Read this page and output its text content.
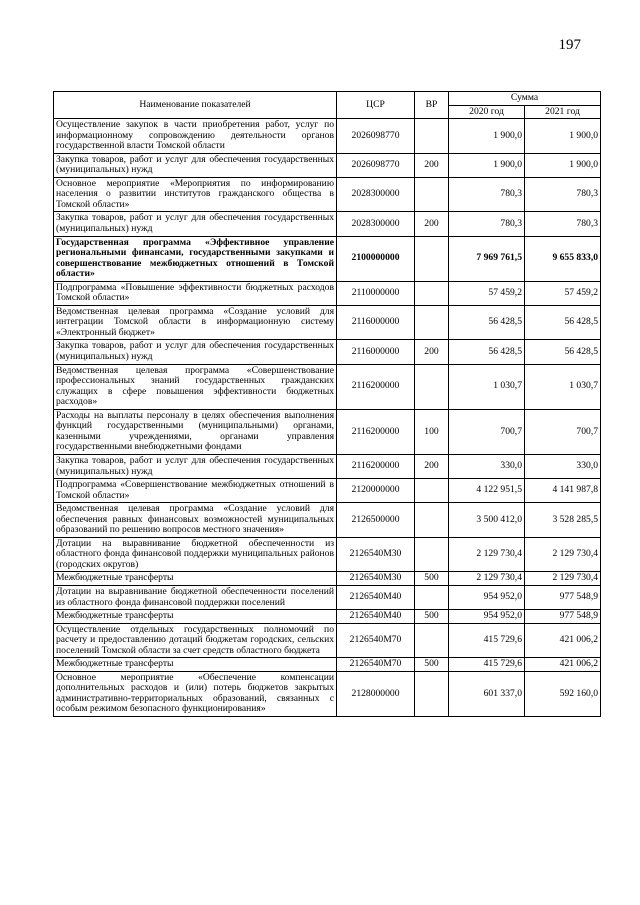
197
Наименование показателей	ЦСР	ВР	Сумма	
			2020 год	2021 год
Осуществление закупок в части приобретения работ, услуг по информационному сопровождению деятельности органов государственной власти Томской области	2026098770		1 900,0	1 900,0
Закупка товаров, работ и услуг для обеспечения государственных (муниципальных) нужд	2026098770	200	1 900,0	1 900,0
Основное мероприятие «Мероприятия по информированию населения о развитии институтов гражданского общества в Томской области»	2028300000		780,3	780,3
Закупка товаров, работ и услуг для обеспечения государственных (муниципальных) нужд	2028300000	200	780,3	780,3
Государственная программа «Эффективное управление региональными финансами, государственными закупками и совершенствование межбюджетных отношений в Томской области»	2100000000		7 969 761,5	9 655 833,0
Подпрограмма «Повышение эффективности бюджетных расходов Томской области»	2110000000		57 459,2	57 459,2
Ведомственная целевая программа «Создание условий для интеграции Томской области в информационную систему «Электронный бюджет»	2116000000		56 428,5	56 428,5
Закупка товаров, работ и услуг для обеспечения государственных (муниципальных) нужд	2116000000	200	56 428,5	56 428,5
Ведомственная целевая программа «Совершенствование профессиональных знаний государственных гражданских служащих в сфере повышения эффективности бюджетных расходов»	2116200000		1 030,7	1 030,7
Расходы на выплаты персоналу в целях обеспечения выполнения функций государственными (муниципальными) органами, казенными учреждениями, органами управления государственными внебюджетными фондами	2116200000	100	700,7	700,7
Закупка товаров, работ и услуг для обеспечения государственных (муниципальных) нужд	2116200000	200	330,0	330,0
Подпрограмма «Совершенствование межбюджетных отношений в Томской области»	2120000000		4 122 951,5	4 141 987,8
Ведомственная целевая программа «Создание условий для обеспечения равных финансовых возможностей муниципальных образований по решению вопросов местного значения»	2126500000		3 500 412,0	3 528 285,5
Дотации на выравнивание бюджетной обеспеченности из областного фонда финансовой поддержки муниципальных районов (городских округов)	2126540М30		2 129 730,4	2 129 730,4
Межбюджетные трансферты	2126540М30	500	2 129 730,4	2 129 730,4
Дотации на выравнивание бюджетной обеспеченности поселений из областного фонда финансовой поддержки поселений	2126540М40		954 952,0	977 548,9
Межбюджетные трансферты	2126540М40	500	954 952,0	977 548,9
Осуществление отдельных государственных полномочий по расчету и предоставлению дотаций бюджетам городских, сельских поселений Томской области за счет средств областного бюджета	2126540М70		415 729,6	421 006,2
Межбюджетные трансферты	2126540М70	500	415 729,6	421 006,2
Основное мероприятие «Обеспечение компенсации дополнительных расходов и (или) потерь бюджетов закрытых административно-территориальных образований, связанных с особым режимом безопасного функционирования»	2128000000		601 337,0	592 160,0
